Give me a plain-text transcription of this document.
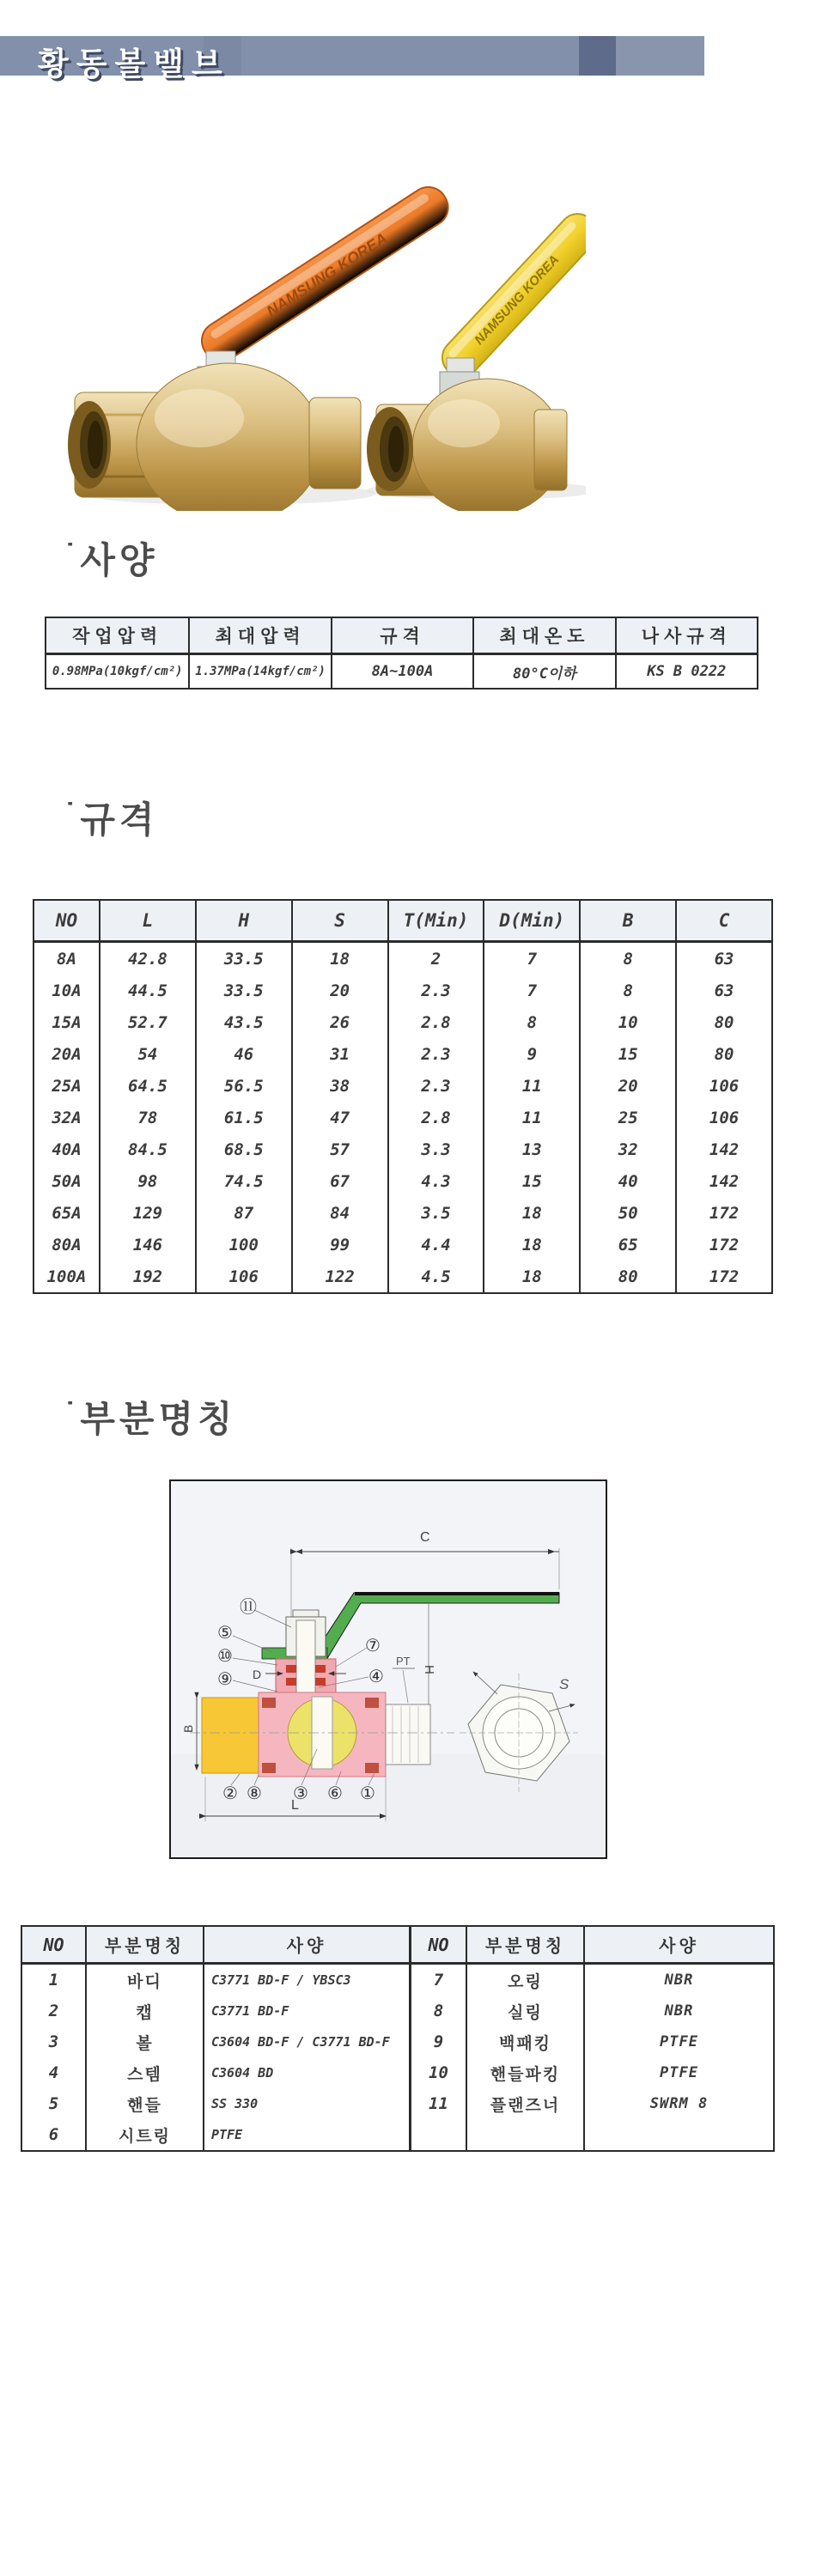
황동볼밸브
NAMSUNG KOREA	NAMSUNG KOREA
˙사양
작업압력	최대압력	규격	최대온도	나사규격
0.98MPa(10kgf/cm²)	1.37MPa(14kgf/cm²)	8A~100A	80°C이하	KS B 0222
˙규격
NO	L	H	S	T(Min)	D(Min)	B	C
8A	42.8	33.5	18	2	7	8	63
10A	44.5	33.5	20	2.3	7	8	63
15A	52.7	43.5	26	2.8	8	10	80
20A	54	46	31	2.3	9	15	80
25A	64.5	56.5	38	2.3	11	20	106
32A	78	61.5	47	2.8	11	25	106
40A	84.5	68.5	57	3.3	13	32	142
50A	98	74.5	67	4.3	15	40	142
65A	129	87	84	3.5	18	50	172
80A	146	100	99	4.4	18	65	172
100A	192	106	122	4.5	18	80	172
˙부분명칭
C
H
D
PT
B
L
⑪
⑤
⑩
⑨
⑦
④
② ⑧ ③ ⑥ ①
S
NO	부분명칭	사양	NO	부분명칭	사양
1	바디	C3771 BD-F / YBSC3	7	오링	NBR
2	캡	C3771 BD-F	8	실링	NBR
3	볼	C3604 BD-F / C3771 BD-F	9	백패킹	PTFE
4	스템	C3604 BD	10	핸들파킹	PTFE
5	핸들	SS 330	11	플랜즈너	SWRM 8
6	시트링	PTFE
